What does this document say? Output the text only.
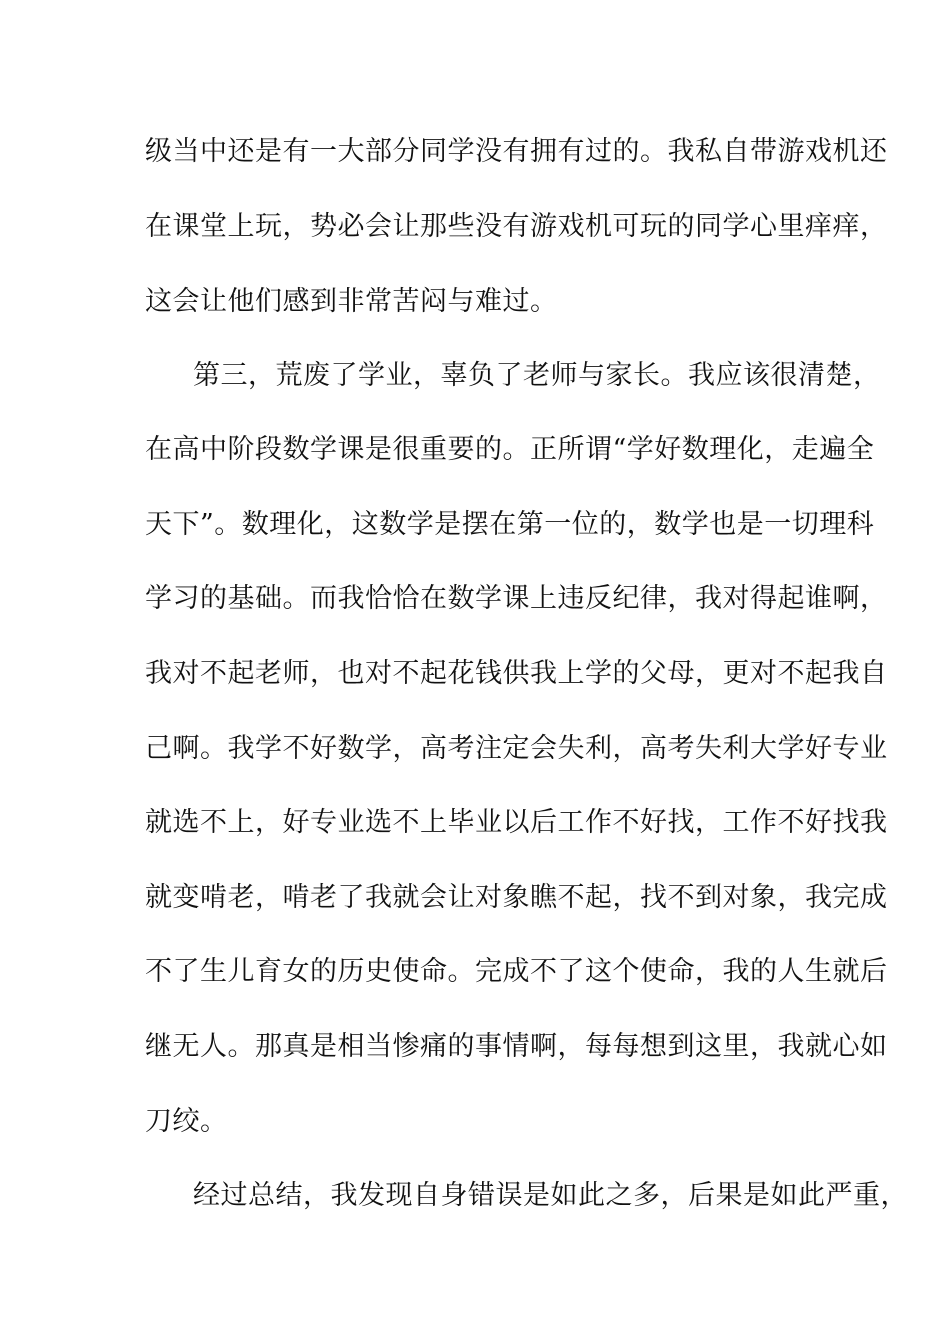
级当中还是有一大部分同学没有拥有过的。我私自带游戏机还
在课堂上玩，势必会让那些没有游戏机可玩的同学心里痒痒，
这会让他们感到非常苦闷与难过。
第三，荒废了学业，辜负了老师与家长。我应该很清楚，
在高中阶段数学课是很重要的。正所谓“学好数理化，走遍全
天下”。数理化，这数学是摆在第一位的，数学也是一切理科
学习的基础。而我恰恰在数学课上违反纪律，我对得起谁啊，
我对不起老师，也对不起花钱供我上学的父母，更对不起我自
己啊。我学不好数学，高考注定会失利，高考失利大学好专业
就选不上，好专业选不上毕业以后工作不好找，工作不好找我
就变啃老，啃老了我就会让对象瞧不起，找不到对象，我完成
不了生儿育女的历史使命。完成不了这个使命，我的人生就后
继无人。那真是相当惨痛的事情啊，每每想到这里，我就心如
刀绞。
经过总结，我发现自身错误是如此之多，后果是如此严重，
